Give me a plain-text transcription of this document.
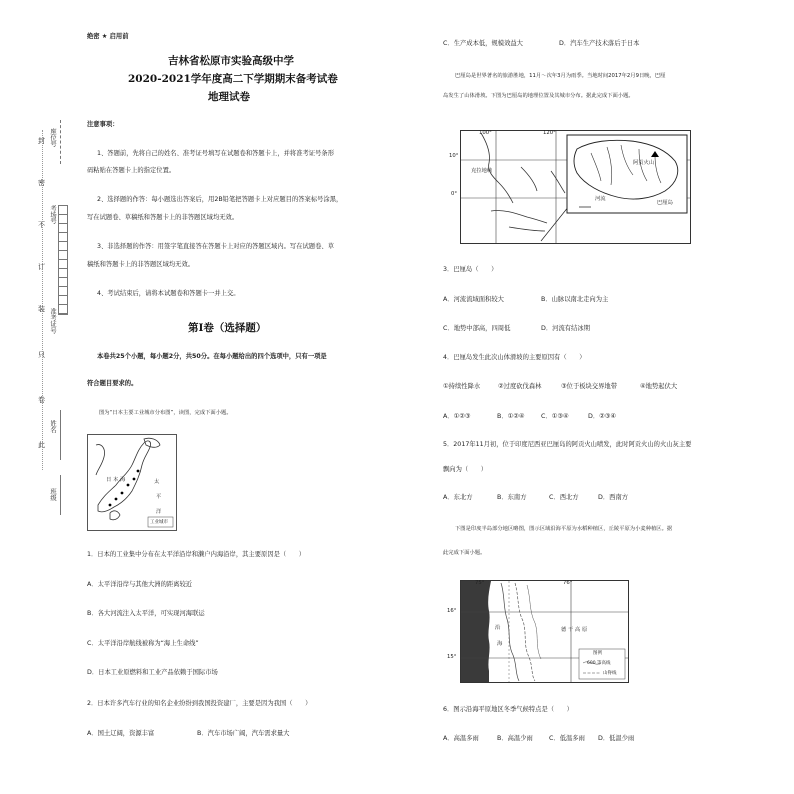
座位号
考场号
准考证号
姓名
班级
封
密
不
订
装
只
卷
此
绝密 ★ 启用前
吉林省松原市实验高级中学
2020-2021学年度高二下学期期末备考试卷
地理试卷
注意事项：
1、答题前，先将自己的姓名、准考证号填写在试题卷和答题卡上，并将准考证号条形
码粘贴在答题卡上的指定位置。
2、选择题的作答：每小题选出答案后，用2B铅笔把答题卡上对应题目的答案标号涂黑，
写在试题卷、草稿纸和答题卡上的非答题区域均无效。
3、非选择题的作答：用签字笔直接答在答题卡上对应的答题区域内。写在试题卷、草
稿纸和答题卡上的非答题区域均无效。
4、考试结束后，请将本试题卷和答题卡一并上交。
第Ⅰ卷（选择题）
本卷共25个小题，每小题2分，共50分。在每小题给出的四个选项中，只有一项是
符合题目要求的。
图为“日本主要工业城市分布图”，读图，完成下面小题。
日 本 海	太
平
洋
工业城市
1．日本的工业集中分布在太平洋沿岸和濑户内海沿岸，其主要原因是（　　）
A．太平洋沿岸与其他大洲的距离较近
B．各大河流注入太平洋，可实现河海联运
C．太平洋沿岸航线被称为“海上生命线”
D．日本工业原燃料和工业产品依赖于国际市场
2．日本许多汽车行业的知名企业纷纷到我国投资建厂，主要是因为我国（　　）
A．国土辽阔，资源丰富	B．汽车市场广阔，汽车需求量大
C．生产成本低，规模效益大	D．汽车生产技术落后于日本
巴厘岛是世界著名的旅游胜地，11月～次年3月为雨季。当地时间2017年2月9日晚，巴厘
岛发生了山体滑坡。下图为巴厘岛的地理位置及其城市分布。据此完成下面小题。
100°	120°
10°
0°
克拉地峡
阿贡火山
河流
巴厘岛
3．巴厘岛（　　）
A．河流流域面积较大	B．山脉以南北走向为主
C．地势中部高，四周低	D．河流有结冰期
4．巴厘岛发生此次山体滑坡的主要原因有（　　）
①持续性降水	②过度砍伐森林	③位于板块交界地带	④地势起伏大
A．①②③	B．①②④	C．①③④	D．②③④
5．2017年11月初，位于印度尼西亚巴厘岛的阿贡火山喷发，此时阿贡火山的火山灰主要
飘向为（　　）
A．东北方	B．东南方	C．西北方	D．西南方
下图是印度半岛部分地区略图，图示区域沿海平原为水稻种植区，丘陵平原为小麦种植区。据
此完成下面小题。
75°	76°
16°
15°
德 干 高 原
沿
海
图例
600 等高线
山脊线
6．图示沿海平原地区冬季气候特点是（　　）
A．高温多雨	B．高温少雨	C．低温多雨 D．低温少雨
